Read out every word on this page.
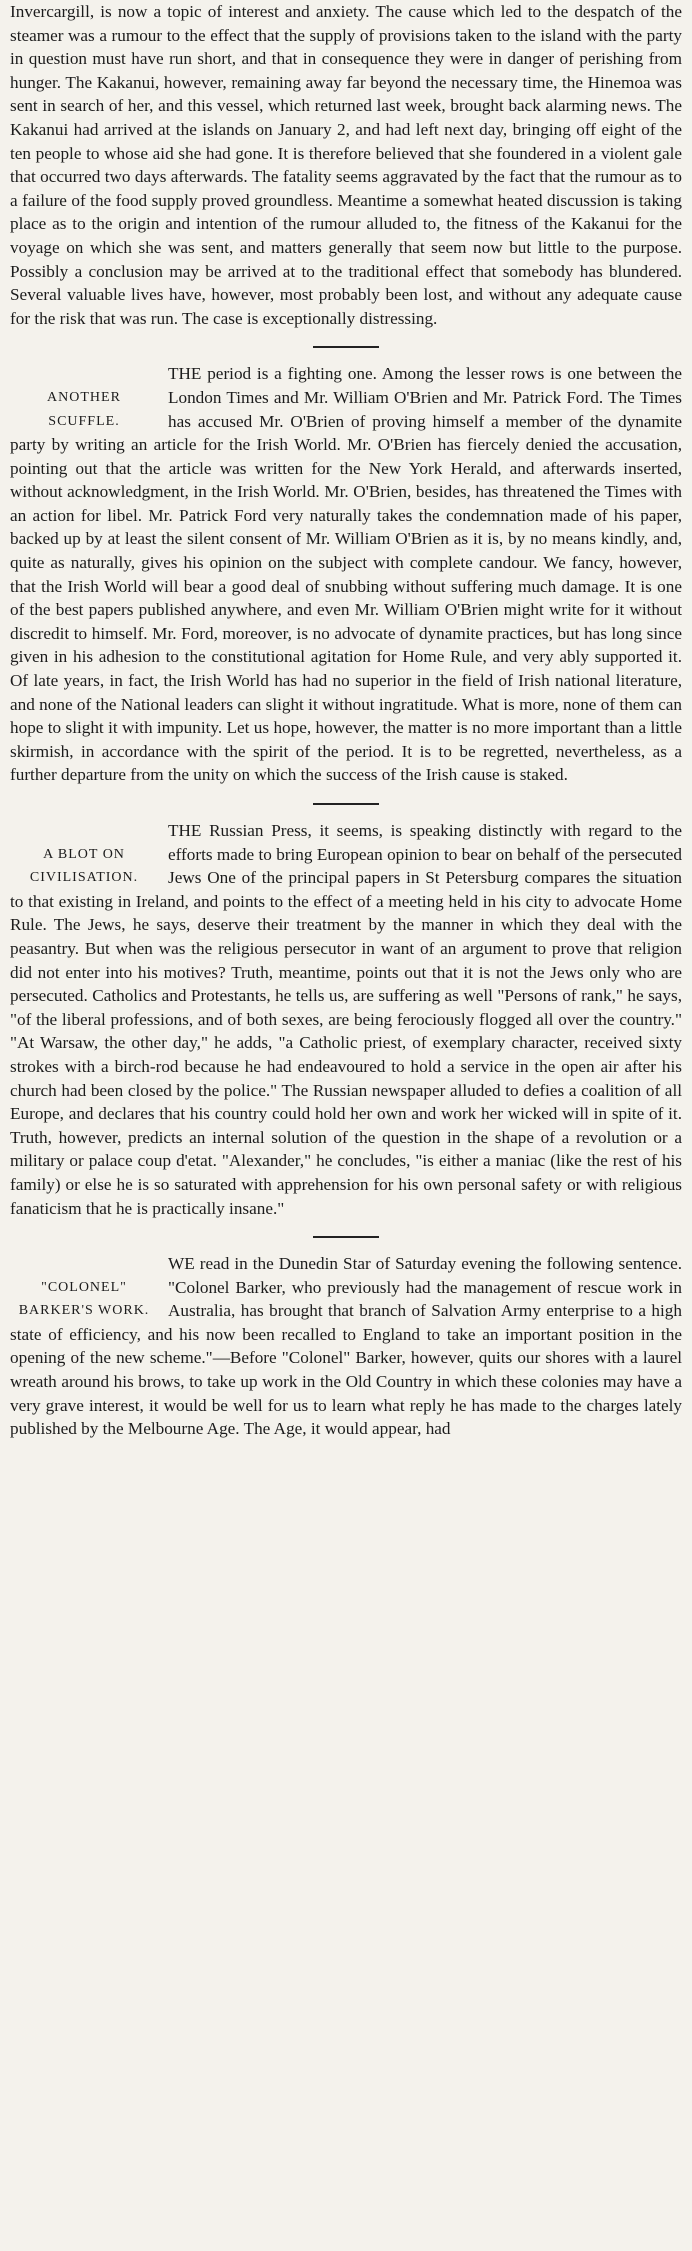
Invercargill, is now a topic of interest and anxiety. The cause which led to the despatch of the steamer was a rumour to the effect that the supply of provisions taken to the island with the party in question must have run short, and that in consequence they were in danger of perishing from hunger. The Kakanui, however, remaining away far beyond the necessary time, the Hinemoa was sent in search of her, and this vessel, which returned last week, brought back alarming news. The Kakanui had arrived at the islands on January 2, and had left next day, bringing off eight of the ten people to whose aid she had gone. It is therefore believed that she foundered in a violent gale that occurred two days afterwards. The fatality seems aggravated by the fact that the rumour as to a failure of the food supply proved groundless. Meantime a somewhat heated discussion is taking place as to the origin and intention of the rumour alluded to, the fitness of the Kakanui for the voyage on which she was sent, and matters generally that seem now but little to the purpose. Possibly a conclusion may be arrived at to the traditional effect that somebody has blundered. Several valuable lives have, however, most probably been lost, and without any adequate cause for the risk that was run. The case is exceptionally distressing.

ANOTHER
SCUFFLE.

THE period is a fighting one. Among the lesser rows is one between the London Times and Mr. William O'Brien and Mr. Patrick Ford. The Times has accused Mr. O'Brien of proving himself a member of the dynamite party by writing an article for the Irish World. Mr. O'Brien has fiercely denied the accusation, pointing out that the article was written for the New York Herald, and afterwards inserted, without acknowledgment, in the Irish World. Mr. O'Brien, besides, has threatened the Times with an action for libel. Mr. Patrick Ford very naturally takes the condemnation made of his paper, backed up by at least the silent consent of Mr. William O'Brien as it is, by no means kindly, and, quite as naturally, gives his opinion on the subject with complete candour. We fancy, however, that the Irish World will bear a good deal of snubbing without suffering much damage. It is one of the best papers published anywhere, and even Mr. William O'Brien might write for it without discredit to himself. Mr. Ford, moreover, is no advocate of dynamite practices, but has long since given in his adhesion to the constitutional agitation for Home Rule, and very ably supported it. Of late years, in fact, the Irish World has had no superior in the field of Irish national literature, and none of the National leaders can slight it without ingratitude. What is more, none of them can hope to slight it with impunity. Let us hope, however, the matter is no more important than a little skirmish, in accordance with the spirit of the period. It is to be regretted, nevertheless, as a further departure from the unity on which the success of the Irish cause is staked.

A BLOT ON
CIVILISATION.

THE Russian Press, it seems, is speaking distinctly with regard to the efforts made to bring European opinion to bear on behalf of the persecuted Jews One of the principal papers in St Petersburg compares the situation to that existing in Ireland, and points to the effect of a meeting held in his city to advocate Home Rule. The Jews, he says, deserve their treatment by the manner in which they deal with the peasantry. But when was the religious persecutor in want of an argument to prove that religion did not enter into his motives? Truth, meantime, points out that it is not the Jews only who are persecuted. Catholics and Protestants, he tells us, are suffering as well "Persons of rank," he says, "of the liberal professions, and of both sexes, are being ferociously flogged all over the country." "At Warsaw, the other day," he adds, "a Catholic priest, of exemplary character, received sixty strokes with a birch-rod because he had endeavoured to hold a service in the open air after his church had been closed by the police." The Russian newspaper alluded to defies a coalition of all Europe, and declares that his country could hold her own and work her wicked will in spite of it. Truth, however, predicts an internal solution of the question in the shape of a revolution or a military or palace coup d'etat. "Alexander," he concludes, "is either a maniac (like the rest of his family) or else he is so saturated with apprehension for his own personal safety or with religious fanaticism that he is practically insane."

"COLONEL"
BARKER'S WORK.

WE read in the Dunedin Star of Saturday evening the following sentence. "Colonel Barker, who previously had the management of rescue work in Australia, has brought that branch of Salvation Army enterprise to a high state of efficiency, and his now been recalled to England to take an important position in the opening of the new scheme."—Before "Colonel" Barker, however, quits our shores with a laurel wreath around his brows, to take up work in the Old Country in which these colonies may have a very grave interest, it would be well for us to learn what reply he has made to the charges lately published by the Melbourne Age. The Age, it would appear, had
